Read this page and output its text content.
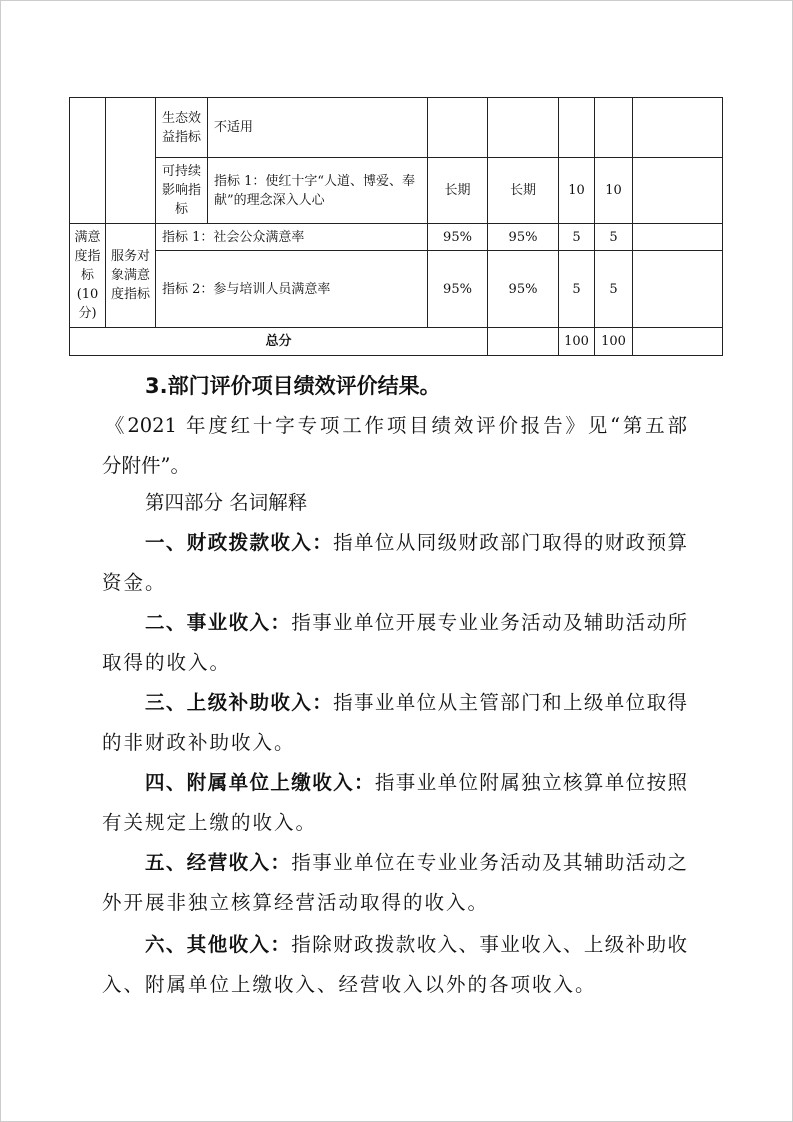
		生态效益指标	不适用					
		可持续影响指标	指标 1：使红十字“人道、博爱、奉献”的理念深入人心	长期	长期	10	10	
满意度指标(10分)	服务对象满意度指标	指标 1：社会公众满意率		95%	95%	5	5	
		指标 2：参与培训人员满意率		95%	95%	5	5	
总分						100	100	
3.部门评价项目绩效评价结果。
《2021 年度红十字专项工作项目绩效评价报告》见“第五部
分附件”。
第四部分 名词解释
一、财政拨款收入：指单位从同级财政部门取得的财政预算
资金。
二、事业收入：指事业单位开展专业业务活动及辅助活动所
取得的收入。
三、上级补助收入：指事业单位从主管部门和上级单位取得
的非财政补助收入。
四、附属单位上缴收入：指事业单位附属独立核算单位按照
有关规定上缴的收入。
五、经营收入：指事业单位在专业业务活动及其辅助活动之
外开展非独立核算经营活动取得的收入。
六、其他收入：指除财政拨款收入、事业收入、上级补助收
入、附属单位上缴收入、经营收入以外的各项收入。
